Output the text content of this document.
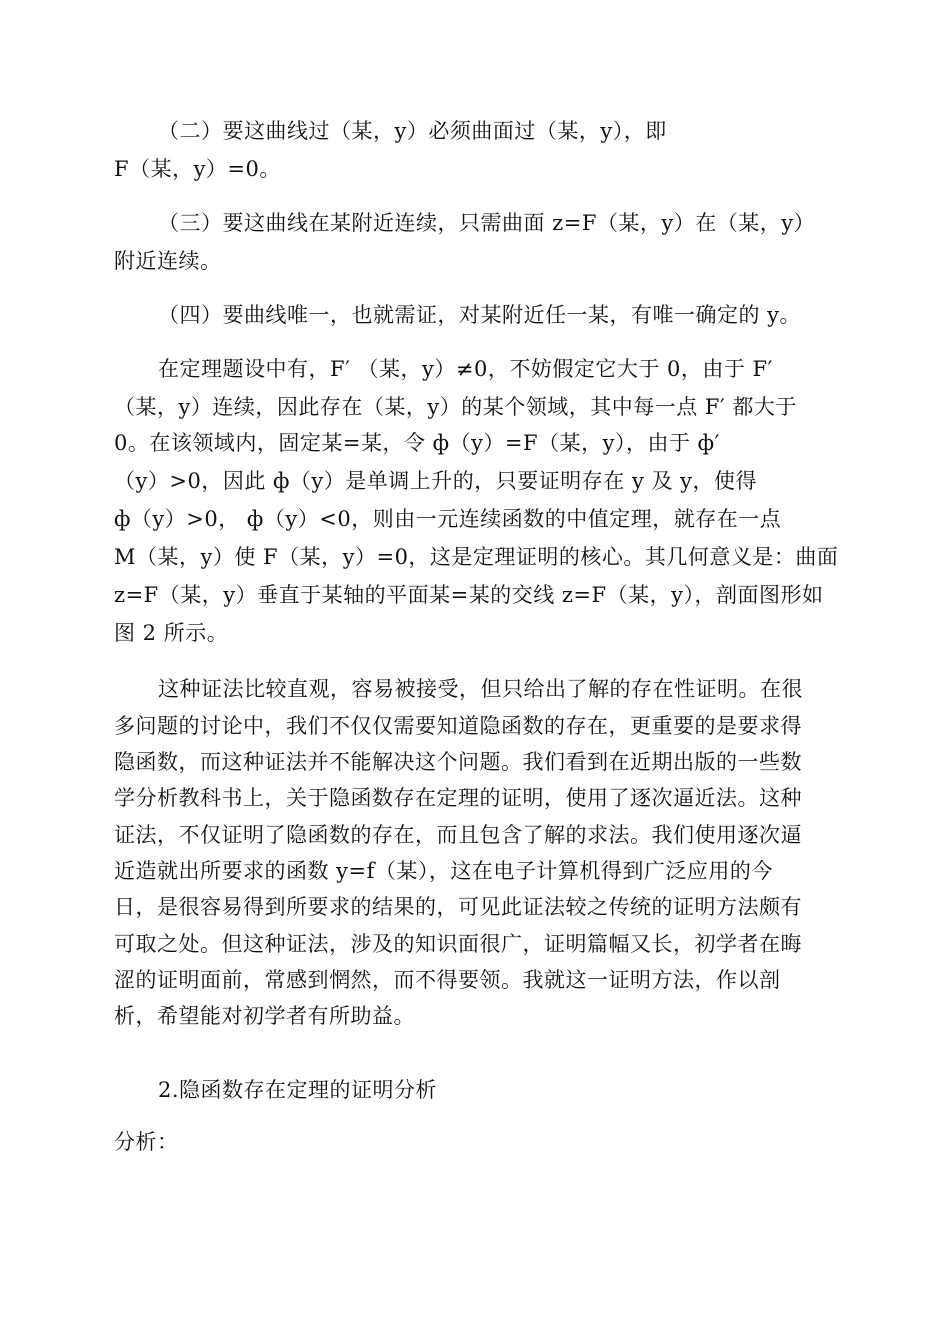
（二）要这曲线过（某，y）必须曲面过（某，y），即
F（某，y）=0。
（三）要这曲线在某附近连续，只需曲面 z=F（某，y）在（某，y）
附近连续。
（四）要曲线唯一，也就需证，对某附近任一某，有唯一确定的 y。
在定理题设中有，F′ （某，y）≠0，不妨假定它大于 0，由于 F′
（某，y）连续，因此存在（某，y）的某个领域，其中每一点 F′ 都大于
0。在该领域内，固定某=某，令 ф（y）=F（某，y），由于 ф′
（y）>0，因此 ф（y）是单调上升的，只要证明存在 y 及 y，使得
ф（y）>0， ф（y）<0，则由一元连续函数的中值定理，就存在一点
M（某，y）使 F（某，y）=0，这是定理证明的核心。其几何意义是：曲面
z=F（某，y）垂直于某轴的平面某=某的交线 z=F（某，y），剖面图形如
图 2 所示。
这种证法比较直观，容易被接受，但只给出了解的存在性证明。在很
多问题的讨论中，我们不仅仅需要知道隐函数的存在，更重要的是要求得
隐函数，而这种证法并不能解决这个问题。我们看到在近期出版的一些数
学分析教科书上，关于隐函数存在定理的证明，使用了逐次逼近法。这种
证法，不仅证明了隐函数的存在，而且包含了解的求法。我们使用逐次逼
近造就出所要求的函数 y=f（某），这在电子计算机得到广泛应用的今
日，是很容易得到所要求的结果的，可见此证法较之传统的证明方法颇有
可取之处。但这种证法，涉及的知识面很广，证明篇幅又长，初学者在晦
涩的证明面前，常感到惘然，而不得要领。我就这一证明方法，作以剖
析，希望能对初学者有所助益。
2.隐函数存在定理的证明分析
分析：
